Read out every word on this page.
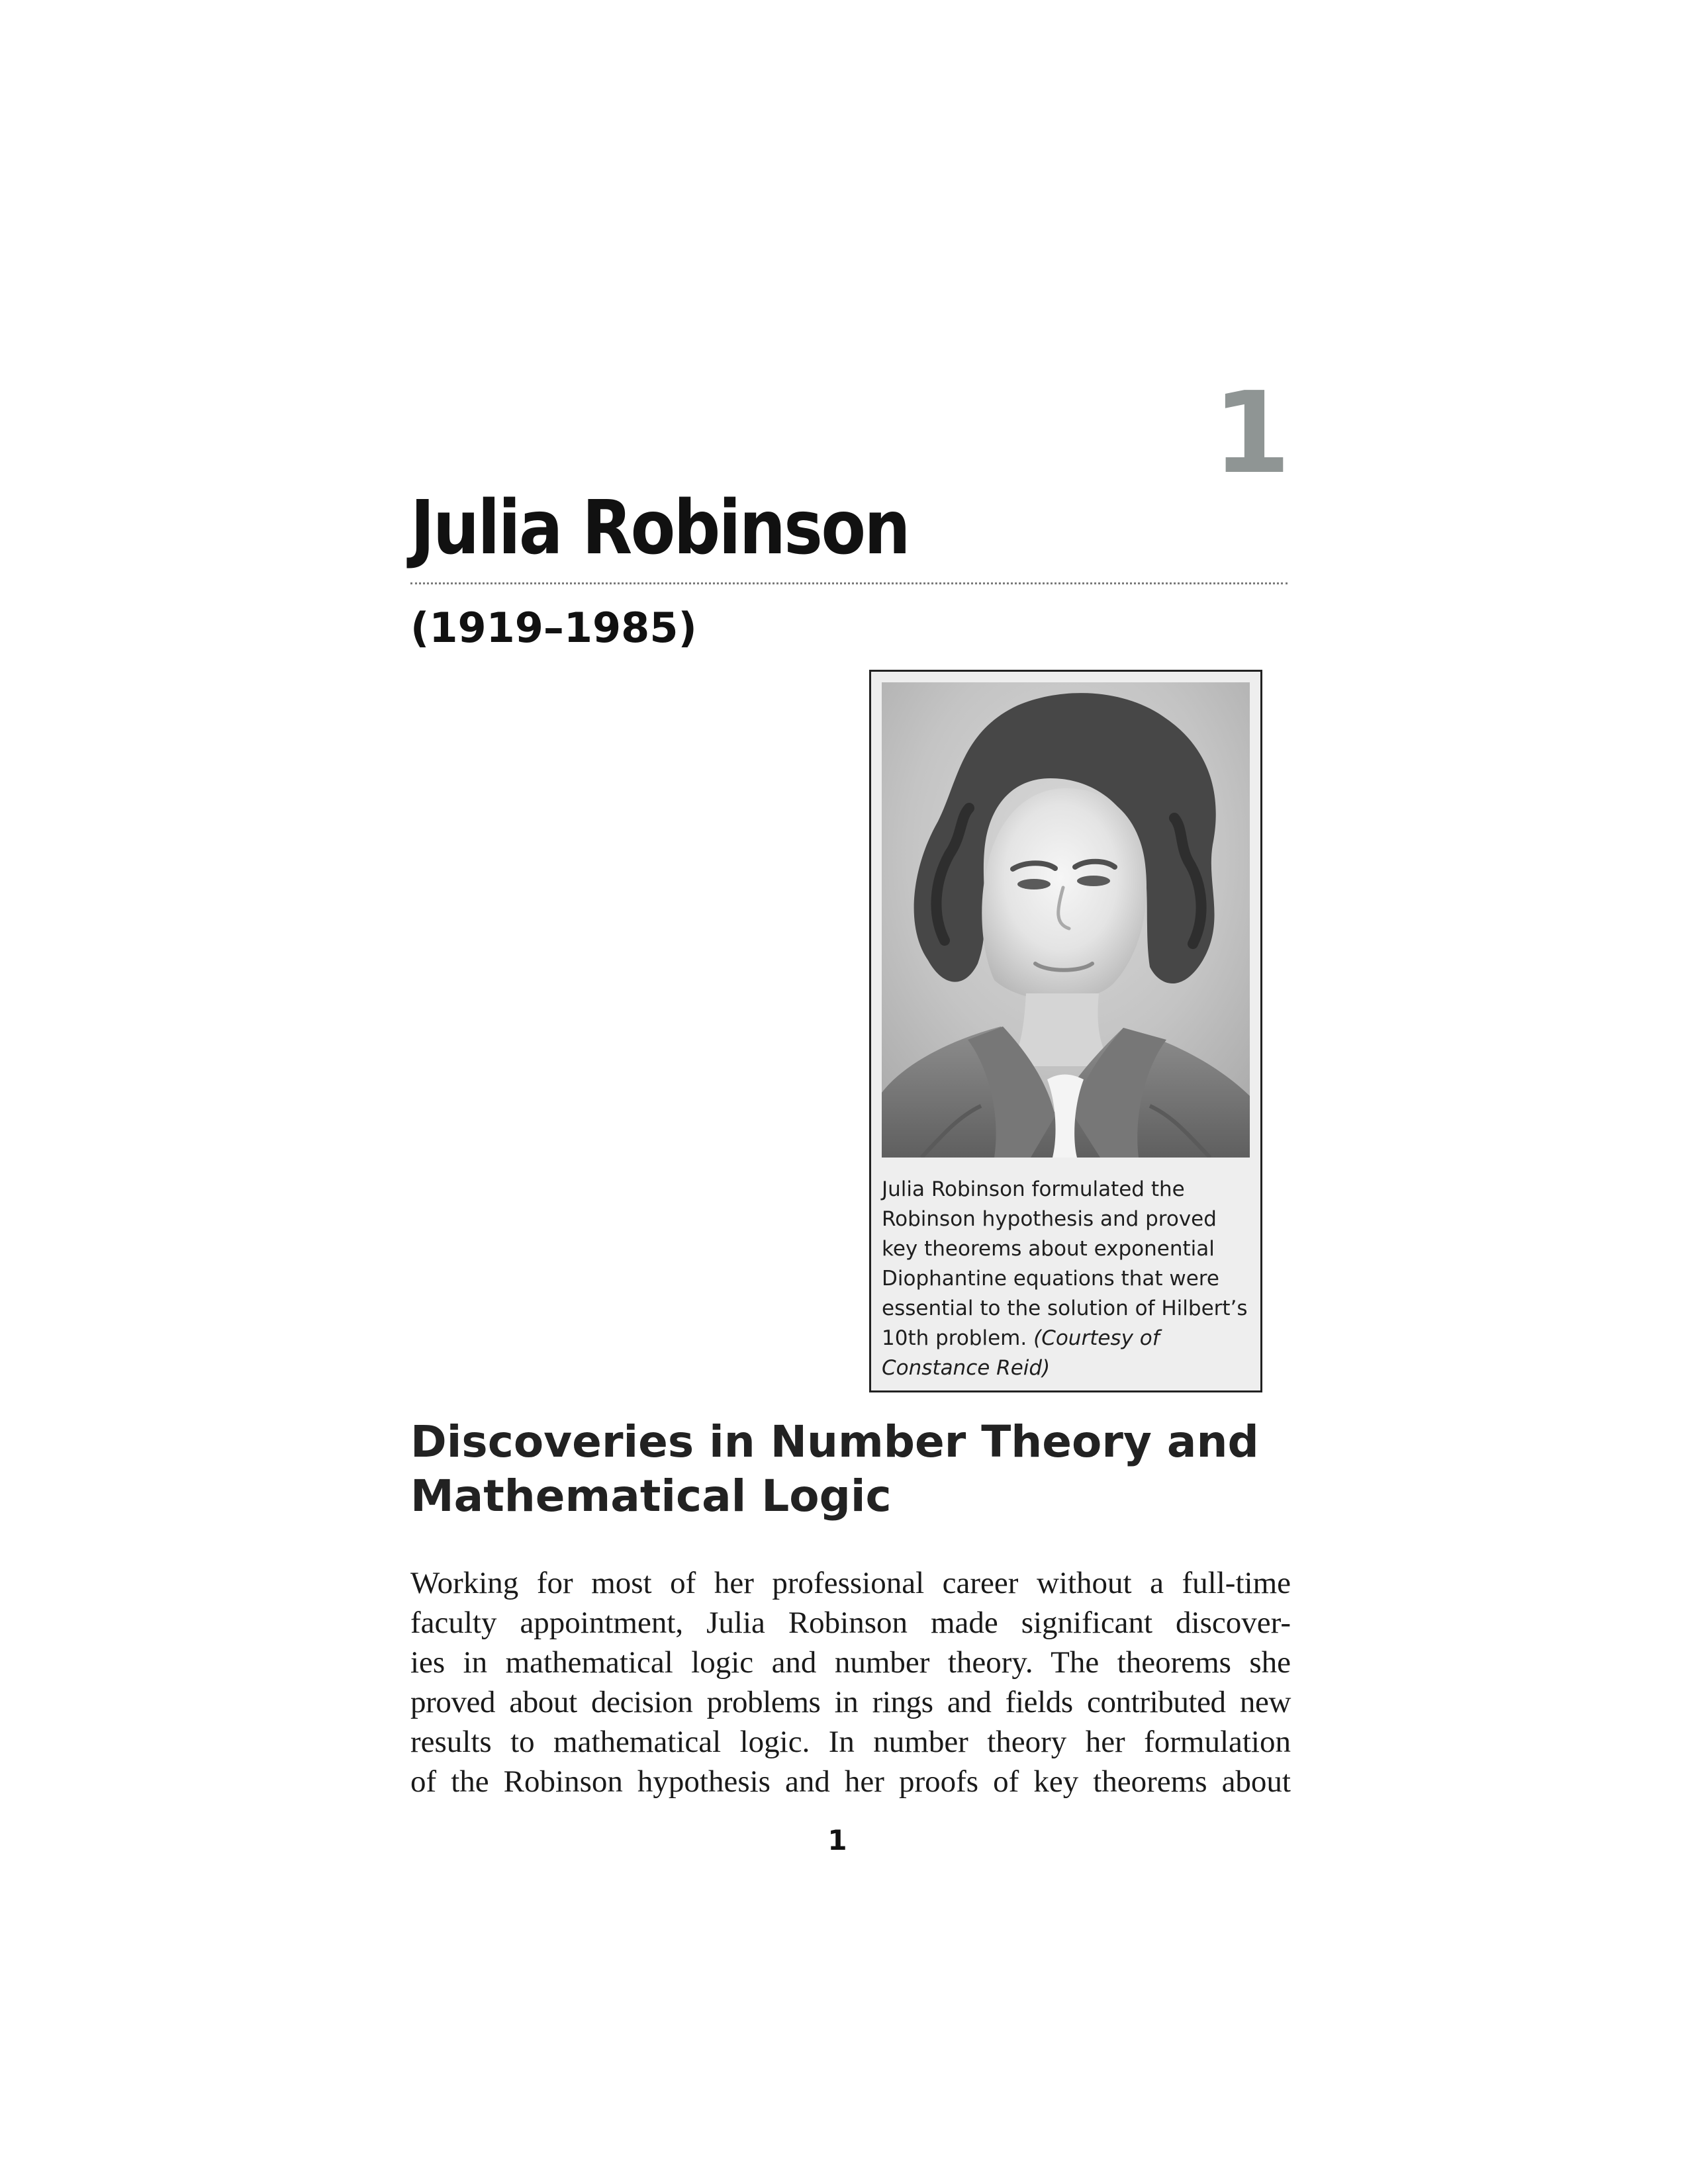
1
Julia Robinson
(1919–1985)
Julia Robinson formulated the Robinson hypothesis and proved key theorems about exponential Diophantine equations that were essential to the solution of Hilbert’s 10th problem. (Courtesy of Constance Reid)
Discoveries in Number Theory and Mathematical Logic
Working for most of her professional career without a full-time
faculty appointment, Julia Robinson made significant discover-
ies in mathematical logic and number theory. The theorems she
proved about decision problems in rings and fields contributed new
results to mathematical logic. In number theory her formulation
of the Robinson hypothesis and her proofs of key theorems about
1
